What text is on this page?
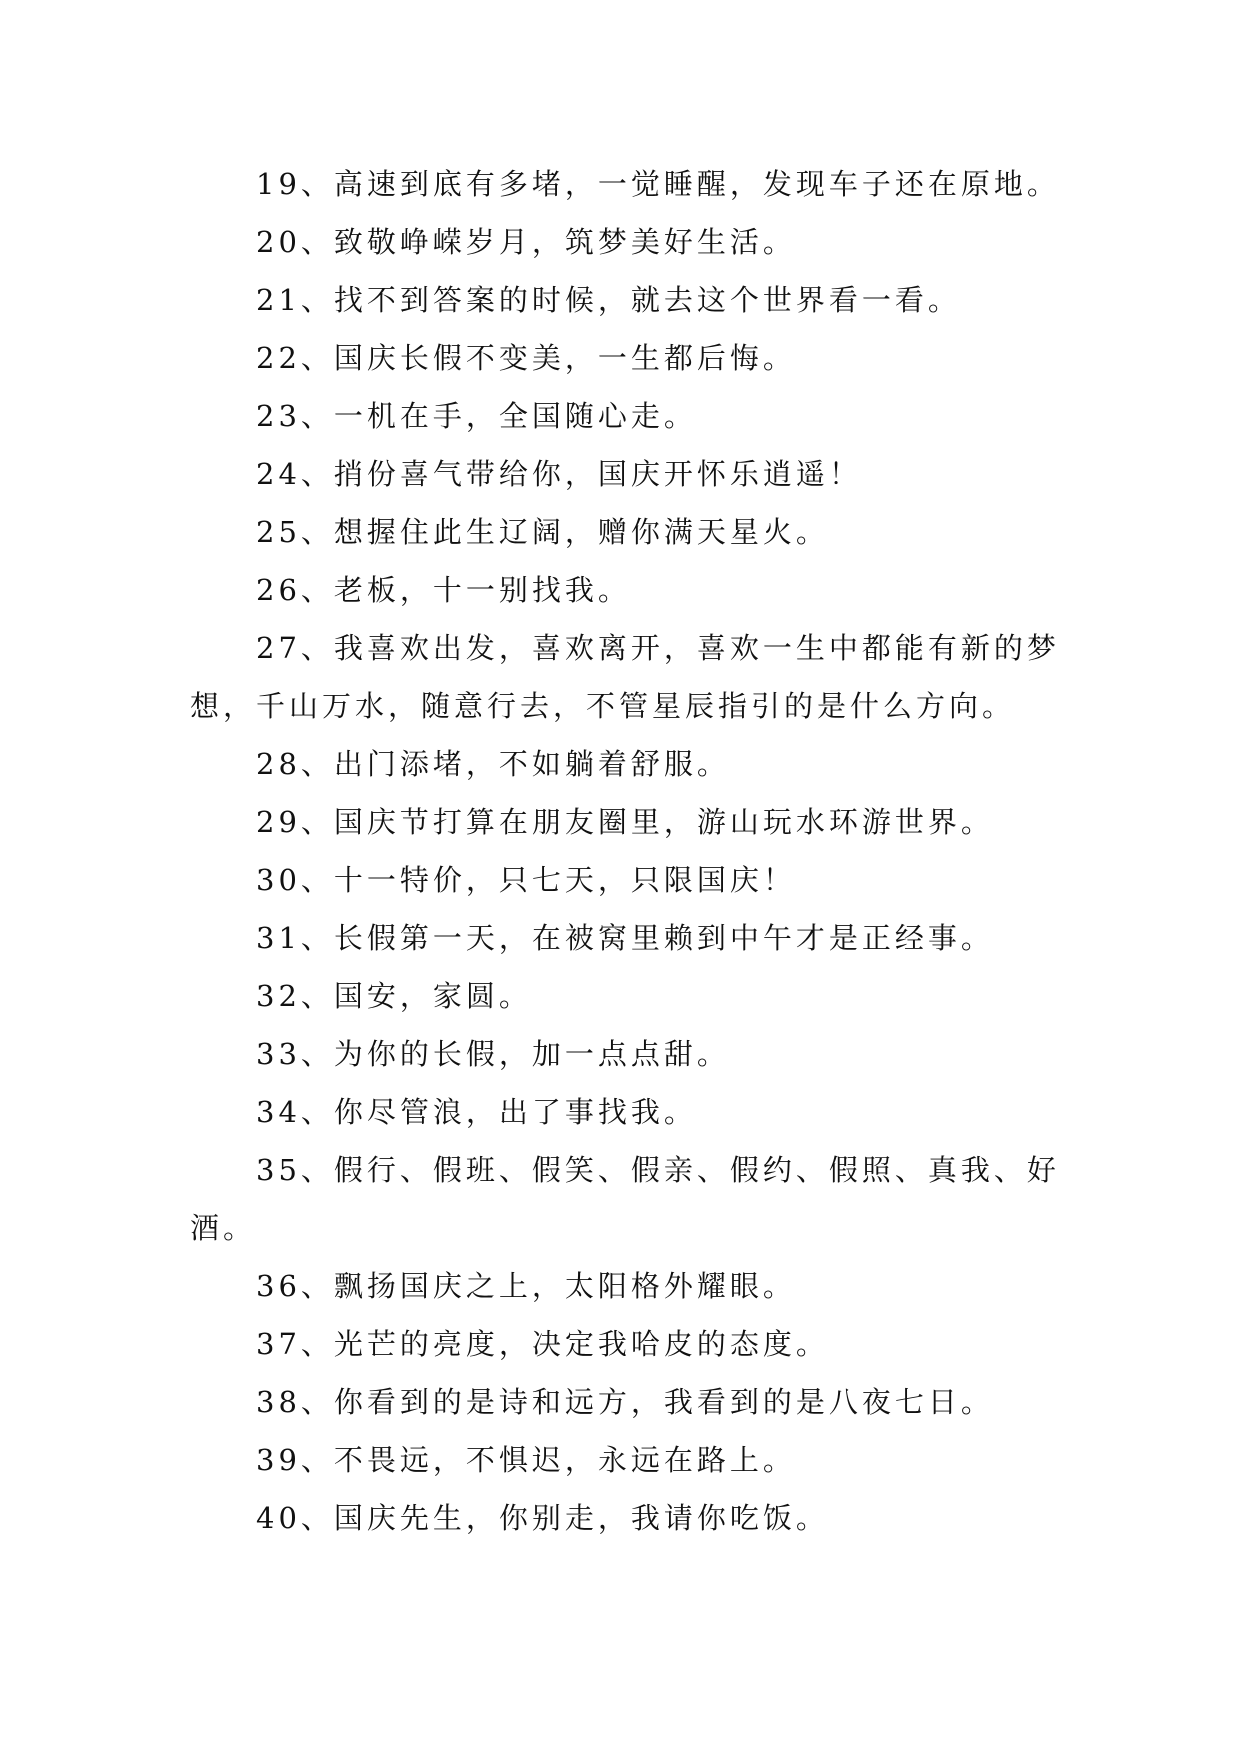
19、高速到底有多堵，一觉睡醒，发现车子还在原地。

20、致敬峥嵘岁月，筑梦美好生活。

21、找不到答案的时候，就去这个世界看一看。

22、国庆长假不变美，一生都后悔。

23、一机在手，全国随心走。

24、捎份喜气带给你，国庆开怀乐逍遥！

25、想握住此生辽阔，赠你满天星火。

26、老板，十一别找我。

27、我喜欢出发，喜欢离开，喜欢一生中都能有新的梦想，千山万水，随意行去，不管星辰指引的是什么方向。

28、出门添堵，不如躺着舒服。

29、国庆节打算在朋友圈里，游山玩水环游世界。

30、十一特价，只七天，只限国庆！

31、长假第一天，在被窝里赖到中午才是正经事。

32、国安，家圆。

33、为你的长假，加一点点甜。

34、你尽管浪，出了事找我。

35、假行、假班、假笑、假亲、假约、假照、真我、好酒。

36、飘扬国庆之上，太阳格外耀眼。

37、光芒的亮度，决定我哈皮的态度。

38、你看到的是诗和远方，我看到的是八夜七日。

39、不畏远，不惧迟，永远在路上。

40、国庆先生，你别走，我请你吃饭。
